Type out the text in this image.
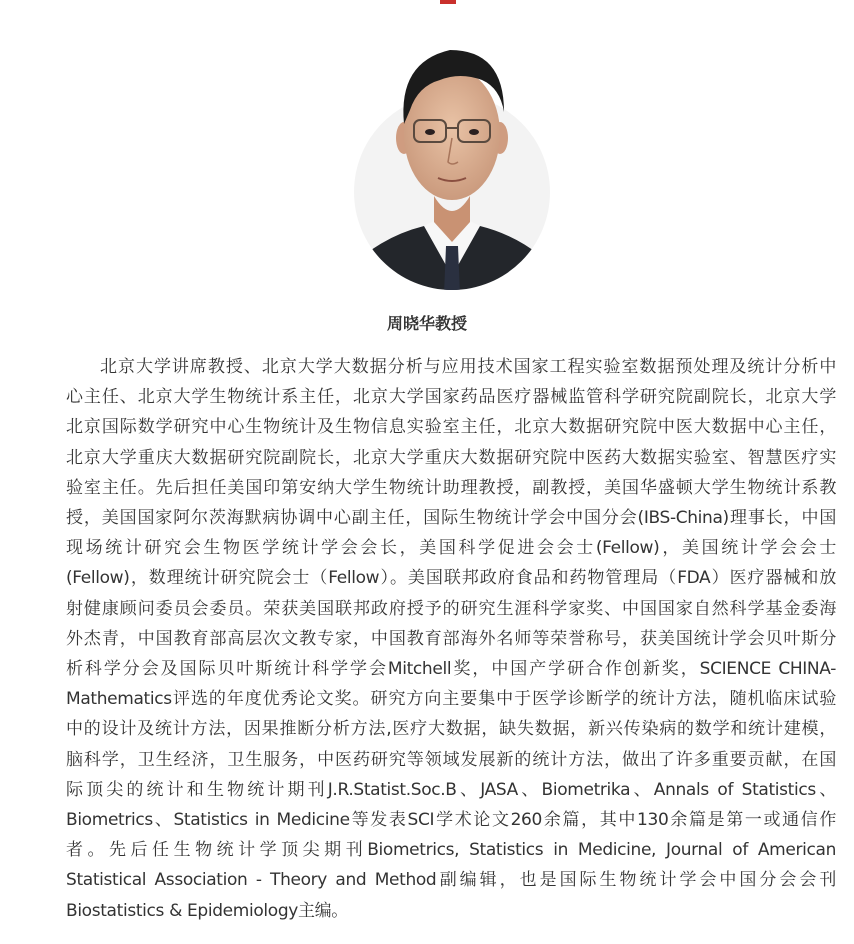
周晓华教授
北京大学讲席教授、北京大学大数据分析与应用技术国家工程实验室数据预处理及统计分析中
心主任、北京大学生物统计系主任，北京大学国家药品医疗器械监管科学研究院副院长，北京大学
北京国际数学研究中心生物统计及生物信息实验室主任，北京大数据研究院中医大数据中心主任，
北京大学重庆大数据研究院副院长，北京大学重庆大数据研究院中医药大数据实验室、智慧医疗实
验室主任。先后担任美国印第安纳大学生物统计助理教授，副教授，美国华盛顿大学生物统计系教
授，美国国家阿尔茨海默病协调中心副主任，国际生物统计学会中国分会(IBS-China)理事长，中国
现场统计研究会生物医学统计学会会长，美国科学促进会会士(Fellow)，美国统计学会会士
(Fellow)，数理统计研究院会士（Fellow）。美国联邦政府食品和药物管理局（FDA）医疗器械和放
射健康顾问委员会委员。荣获美国联邦政府授予的研究生涯科学家奖、中国国家自然科学基金委海
外杰青，中国教育部高层次文教专家，中国教育部海外名师等荣誉称号，获美国统计学会贝叶斯分
析科学分会及国际贝叶斯统计科学学会Mitchell奖，中国产学研合作创新奖，SCIENCE CHINA-
Mathematics评选的年度优秀论文奖。研究方向主要集中于医学诊断学的统计方法，随机临床试验
中的设计及统计方法，因果推断分析方法,医疗大数据，缺失数据，新兴传染病的数学和统计建模，
脑科学，卫生经济，卫生服务，中医药研究等领域发展新的统计方法，做出了许多重要贡献，在国
际顶尖的统计和生物统计期刊J.R.Statist.Soc.B、JASA、Biometrika、Annals of Statistics、
Biometrics、Statistics in Medicine等发表SCI学术论文260余篇，其中130余篇是第一或通信作
者。先后任生物统计学顶尖期刊Biometrics, Statistics in Medicine, Journal of American
Statistical Association - Theory and Method副编辑，也是国际生物统计学会中国分会会刊
Biostatistics & Epidemiology主编。
